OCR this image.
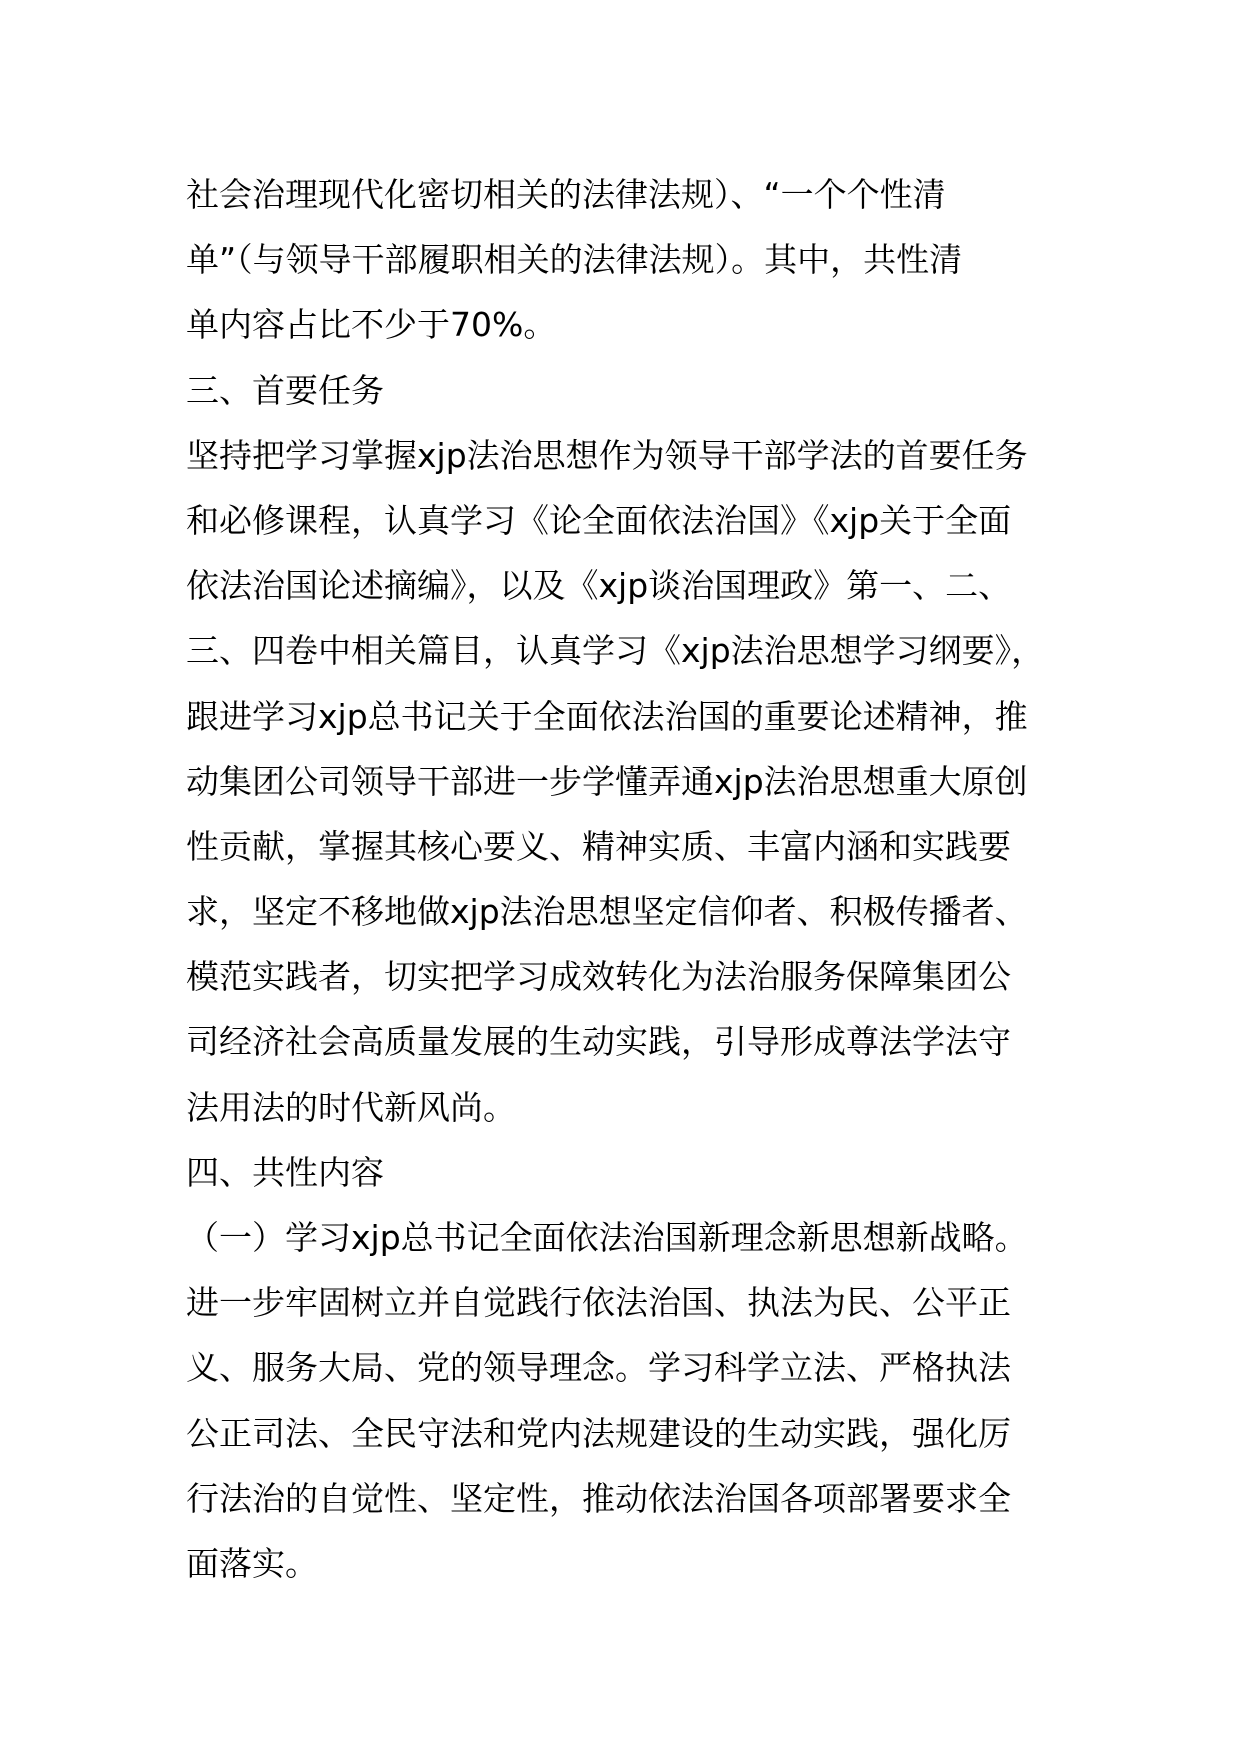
社会治理现代化密切相关的法律法规）、“一个个性清
单”（与领导干部履职相关的法律法规）。其中，共性清
单内容占比不少于70%。
三、首要任务
坚持把学习掌握xjp法治思想作为领导干部学法的首要任务
和必修课程，认真学习《论全面依法治国》《xjp关于全面
依法治国论述摘编》，以及《xjp谈治国理政》第一、二、
三、四卷中相关篇目，认真学习《xjp法治思想学习纲要》，
跟进学习xjp总书记关于全面依法治国的重要论述精神，推
动集团公司领导干部进一步学懂弄通xjp法治思想重大原创
性贡献，掌握其核心要义、精神实质、丰富内涵和实践要
求，坚定不移地做xjp法治思想坚定信仰者、积极传播者、
模范实践者，切实把学习成效转化为法治服务保障集团公
司经济社会高质量发展的生动实践，引导形成尊法学法守
法用法的时代新风尚。
四、共性内容
（一）学习xjp总书记全面依法治国新理念新思想新战略。
进一步牢固树立并自觉践行依法治国、执法为民、公平正
义、服务大局、党的领导理念。学习科学立法、严格执法
公正司法、全民守法和党内法规建设的生动实践，强化厉
行法治的自觉性、坚定性，推动依法治国各项部署要求全
面落实。
